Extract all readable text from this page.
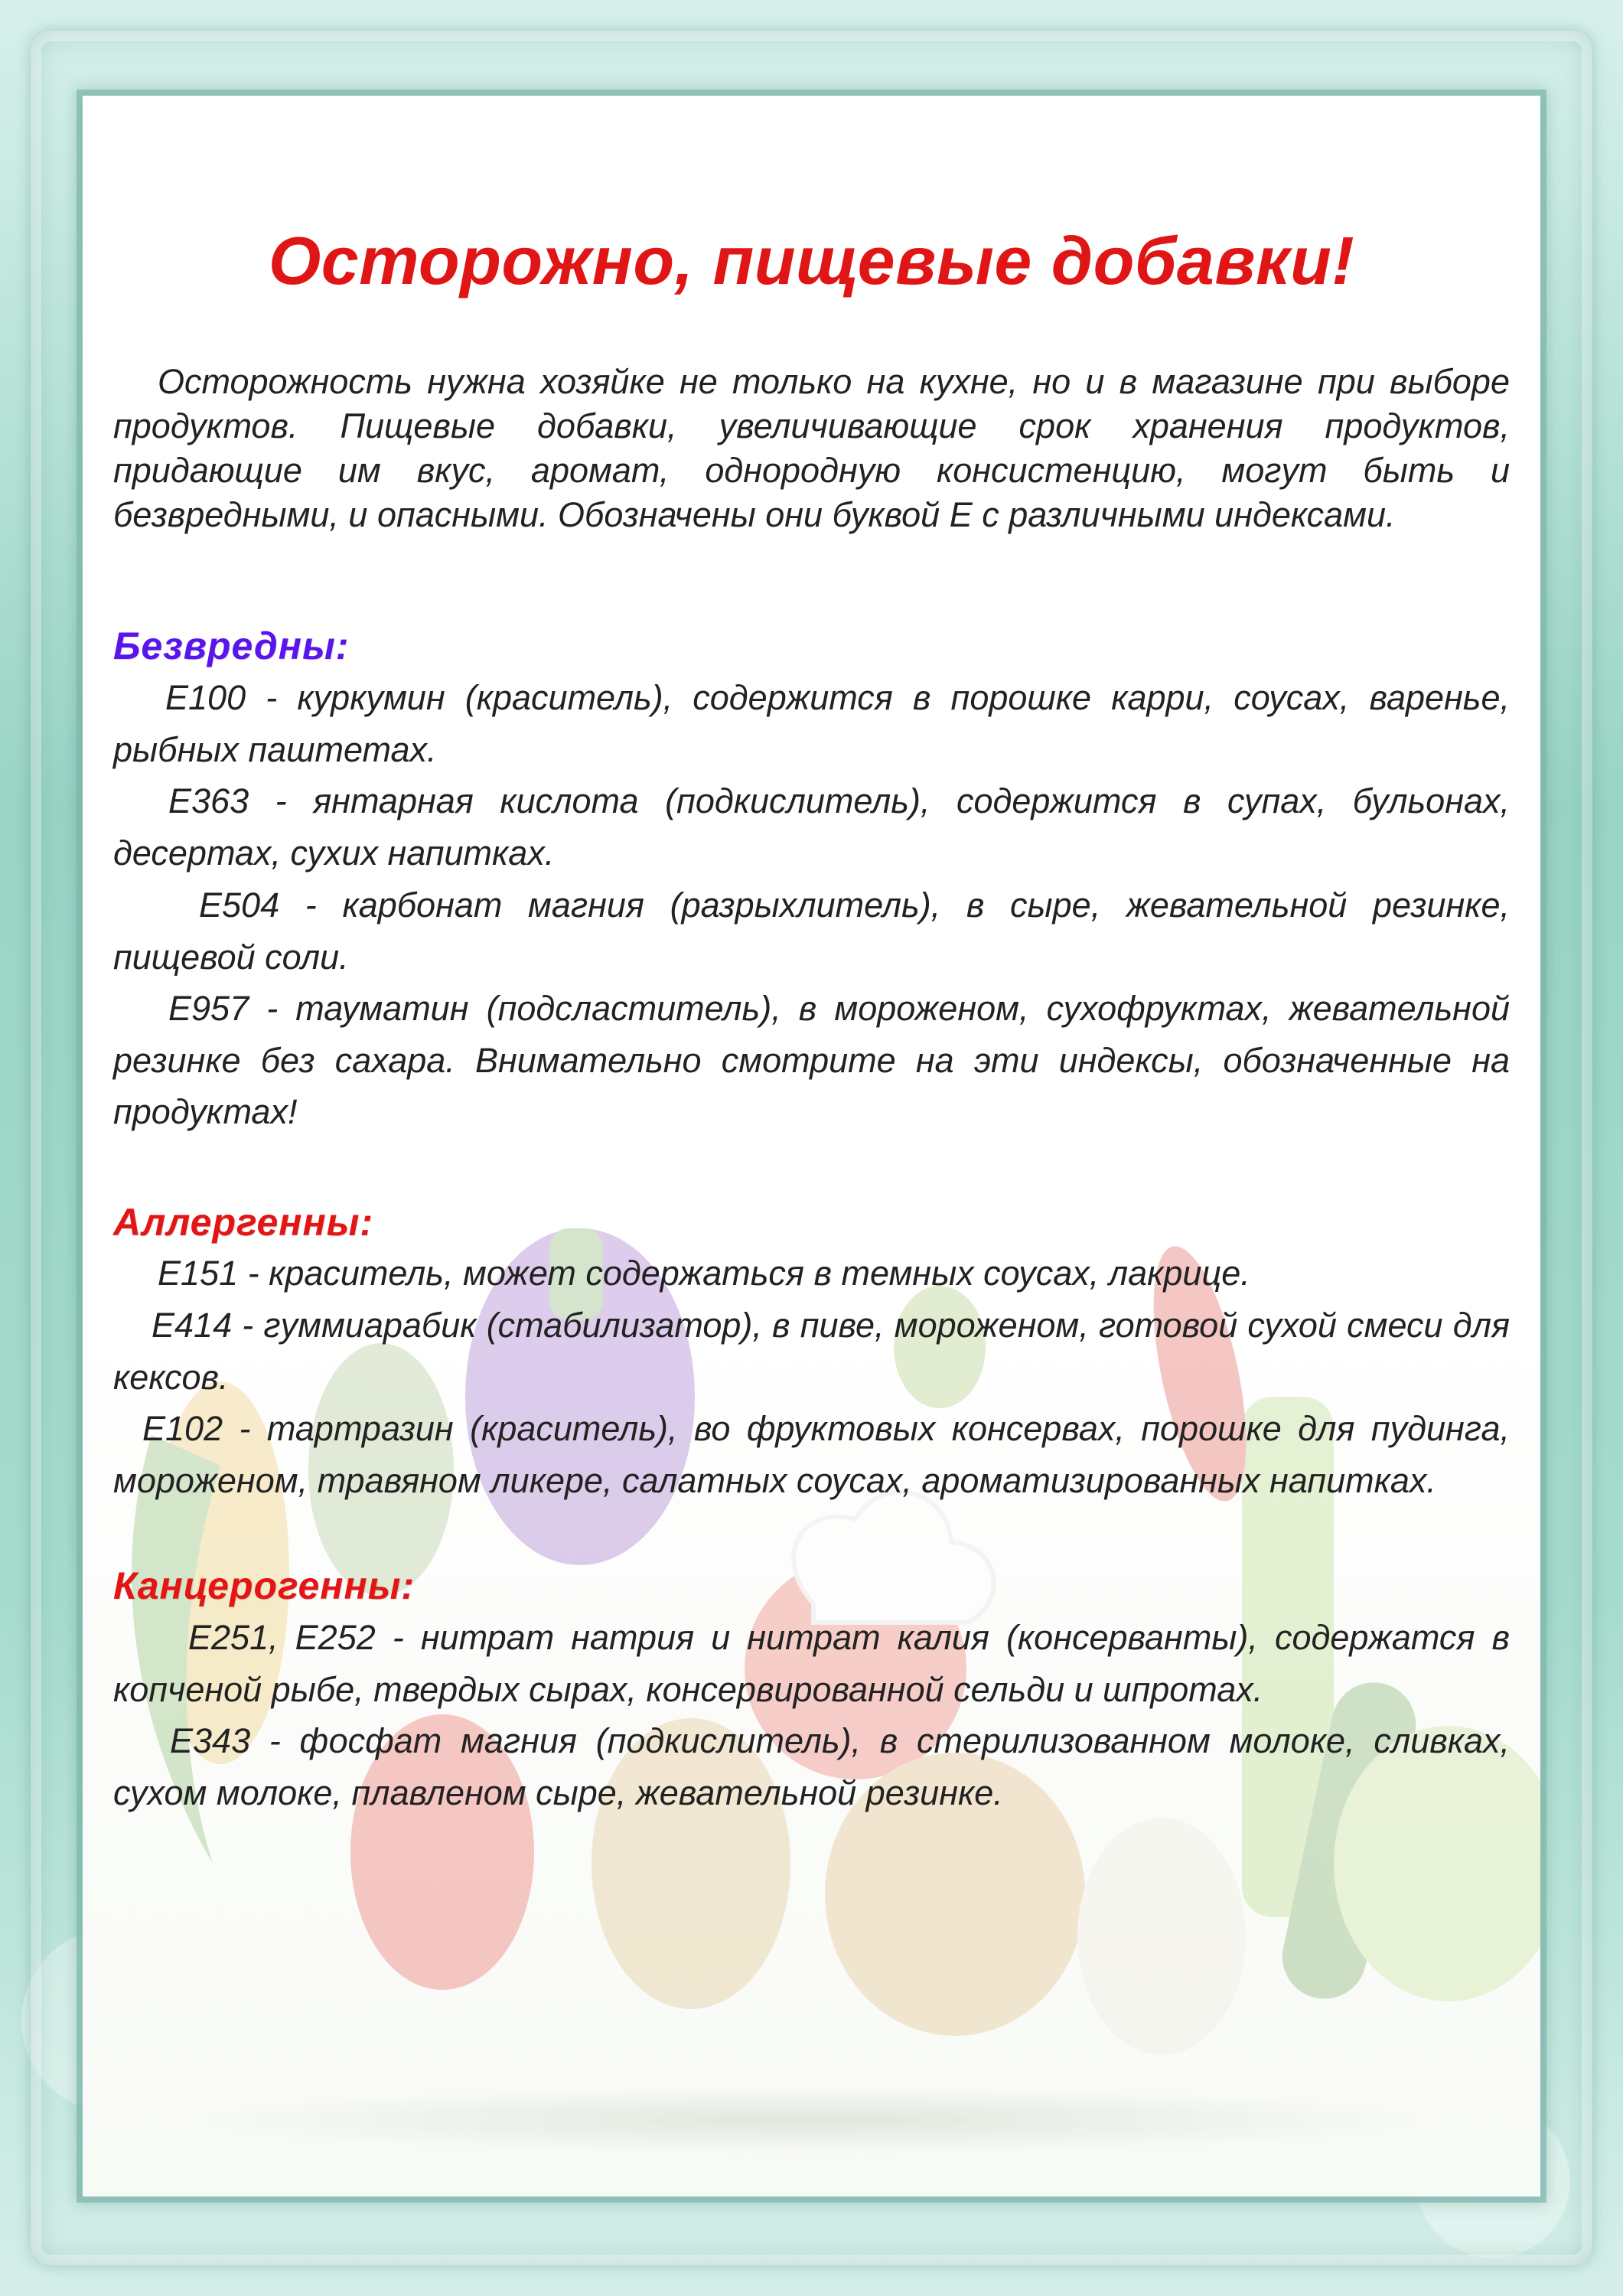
Осторожно, пищевые добавки!

Осторожность нужна хозяйке не только на кухне, но и в магазине при выборе продуктов. Пищевые добавки, увеличивающие срок хранения продуктов, придающие им вкус, аромат, однородную консистенцию, могут быть и безвредными, и опасными. Обозначены они буквой Е с различными индексами.

Безвредны:

Е100 - куркумин (краситель), содержится в порошке карри, соусах, варенье, рыбных паштетах.

Е363 - янтарная кислота (подкислитель), содержится в супах, бульонах, десертах, сухих напитках.

Е504 - карбонат магния (разрыхлитель), в сыре, жевательной резинке, пищевой соли.

Е957 - тауматин (подсластитель), в мороженом, сухофруктах, жевательной резинке без сахара. Внимательно смотрите на эти индексы, обозначенные на продуктах!

Аллергенны:

Е151 - краситель, может содержаться в темных соусах, лакрице.

Е414 - гуммиарабик (стабилизатор), в пиве, мороженом, готовой сухой смеси для кексов.

Е102 - тартразин (краситель), во фруктовых консервах, порошке для пудинга, мороженом, травяном ликере, салатных соусах, ароматизированных напитках.

Канцерогенны:

Е251, Е252 - нитрат натрия и нитрат калия (консерванты), содержатся в копченой рыбе, твердых сырах, консервированной сельди и шпротах.

Е343 - фосфат магния (подкислитель), в стерилизованном молоке, сливках, сухом молоке, плавленом сыре, жевательной резинке.
